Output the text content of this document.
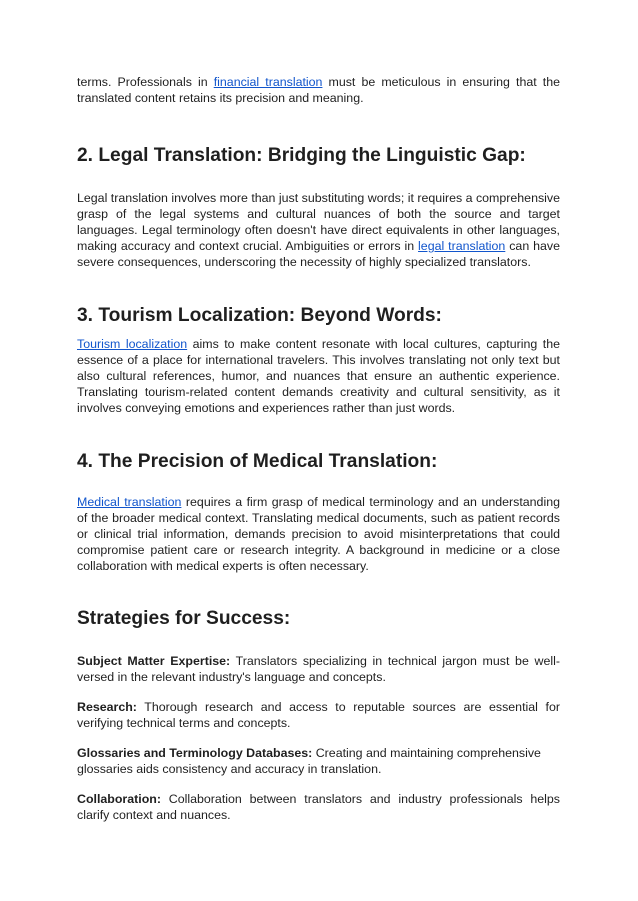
terms. Professionals in financial translation must be meticulous in ensuring that the translated content retains its precision and meaning.

2. Legal Translation: Bridging the Linguistic Gap:

Legal translation involves more than just substituting words; it requires a comprehensive grasp of the legal systems and cultural nuances of both the source and target languages. Legal terminology often doesn't have direct equivalents in other languages, making accuracy and context crucial. Ambiguities or errors in legal translation can have severe consequences, underscoring the necessity of highly specialized translators.

3. Tourism Localization: Beyond Words:

Tourism localization aims to make content resonate with local cultures, capturing the essence of a place for international travelers. This involves translating not only text but also cultural references, humor, and nuances that ensure an authentic experience. Translating tourism-related content demands creativity and cultural sensitivity, as it involves conveying emotions and experiences rather than just words.

4. The Precision of Medical Translation:

Medical translation requires a firm grasp of medical terminology and an understanding of the broader medical context. Translating medical documents, such as patient records or clinical trial information, demands precision to avoid misinterpretations that could compromise patient care or research integrity. A background in medicine or a close collaboration with medical experts is often necessary.

Strategies for Success:

Subject Matter Expertise: Translators specializing in technical jargon must be well-versed in the relevant industry's language and concepts.

Research: Thorough research and access to reputable sources are essential for verifying technical terms and concepts.

Glossaries and Terminology Databases: Creating and maintaining comprehensive glossaries aids consistency and accuracy in translation.

Collaboration: Collaboration between translators and industry professionals helps clarify context and nuances.
